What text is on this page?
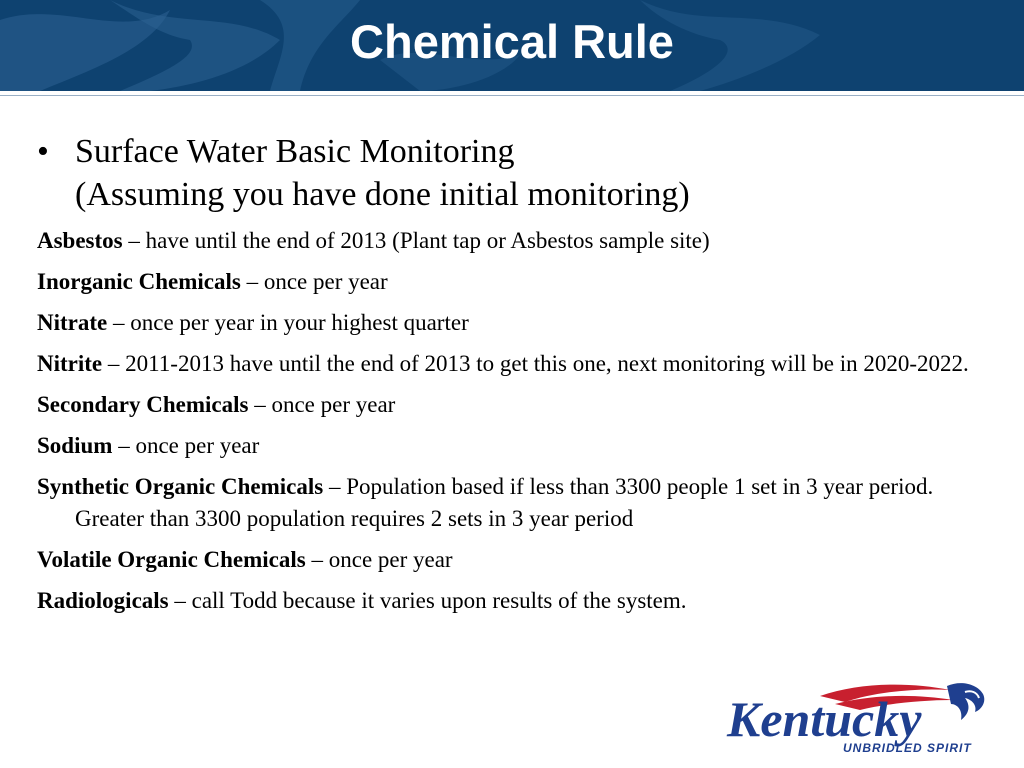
Chemical Rule
• Surface Water Basic Monitoring
(Assuming you have done initial monitoring)
Asbestos – have until the end of 2013 (Plant tap or Asbestos sample site)
Inorganic Chemicals – once per year
Nitrate – once per year in your highest quarter
Nitrite – 2011-2013 have until the end of 2013 to get this one, next monitoring will be in 2020-2022.
Secondary Chemicals – once per year
Sodium – once per year
Synthetic Organic Chemicals – Population based if less than 3300 people 1 set in 3 year period. Greater than 3300 population requires 2 sets in 3 year period
Volatile Organic Chemicals – once per year
Radiologicals – call Todd because it varies upon results of the system.
Kentucky
UNBRIDLED SPIRIT
